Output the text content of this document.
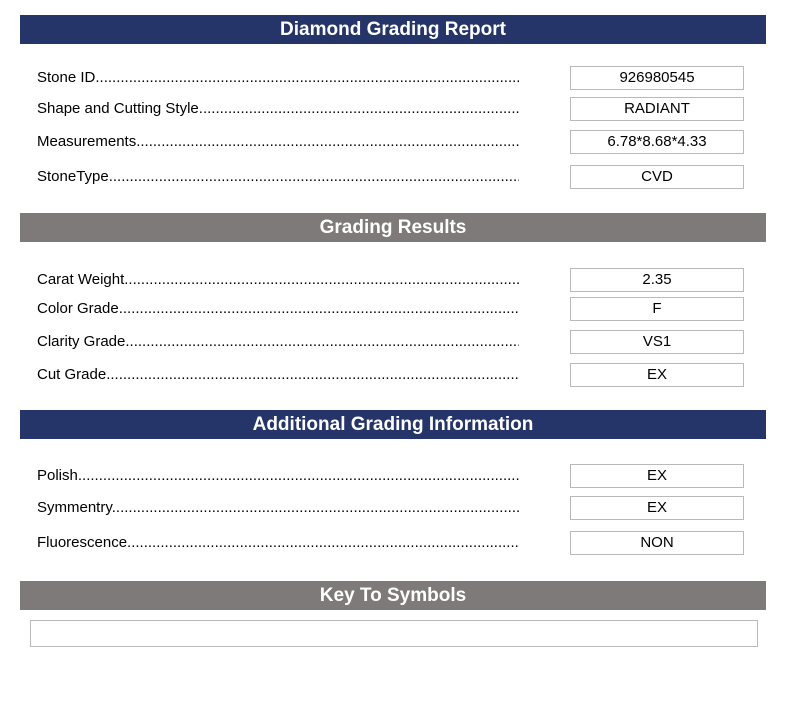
Diamond Grading Report
Stone ID .....	926980545
Shape and Cutting Style .....	RADIANT
Measurements .....	6.78*8.68*4.33
StoneType .....	CVD
Grading Results
Carat Weight .....	2.35
Color Grade .....	F
Clarity Grade .....	VS1
Cut Grade .....	EX
Additional Grading Information
Polish .....	EX
Symmentry .....	EX
Fluorescence .....	NON
Key To Symbols
